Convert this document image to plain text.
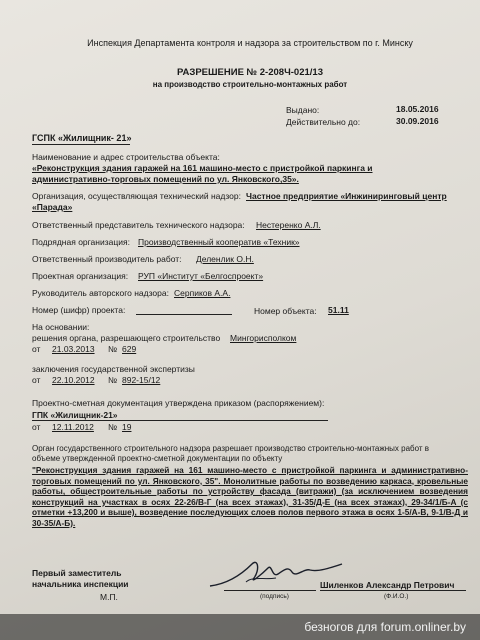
Инспекция Департамента контроля и надзора за строительством по г. Минску
РАЗРЕШЕНИЕ № 2-208Ч-021/13
на производство строительно-монтажных работ
Выдано:	18.05.2016
Действительно до:	30.09.2016
ГСПК «Жилищник- 21»
Наименование и адрес строительства объекта:
«Реконструкция здания гаражей на 161 машино-место с пристройкой паркинга и
административно-торговых помещений по ул. Янковского,35».
Организация, осуществляющая технический надзор: Частное предприятие «Инжиниринговый центр
«Парада»
Ответственный представитель технического надзора: Нестеренко А.Л.
Подрядная организация: Производственный кооператив «Техник»
Ответственный производитель работ: Деленлик О.Н.
Проектная организация: РУП «Институт «Белгоспроект»
Руководитель авторского надзора: Серпиков А.А.
Номер (шифр) проекта:	Номер объекта: 51.11
На основании:
решения органа, разрешающего строительство Мингорисполком
от 21.03.2013 № 629
заключения государственной экспертизы
от 22.10.2012 № 892-15/12
Проектно-сметная документация утверждена приказом (распоряжением):
ГПК «Жилищник-21»
от 12.11.2012 № 19
Орган государственного строительного надзора разрешает производство строительно-монтажных работ в
объеме утвержденной проектно-сметной документации по объекту
"Реконструкция здания гаражей на 161 машино-место с пристройкой паркинга и административно-торговых помещений по ул. Янковского, 35". Монолитные работы по возведению каркаса, кровельные работы, общестроительные работы по устройству фасада (витражи) (за исключением возведения конструкций на участках в осях 22-26/В-Г (на всех этажах), 31-35/Д-Е (на всех этажах), 29-34/1/Б-А (с отметки +13,200 и выше), возведение последующих слоев полов первого этажа в осях 1-5/А-В, 9-1/В-Д и 30-35/А-Б).
Первый заместитель
начальника инспекции
М.П.	(подпись)
Шиленков Александр Петрович
(Ф.И.О.)
безногов для forum.onliner.by
